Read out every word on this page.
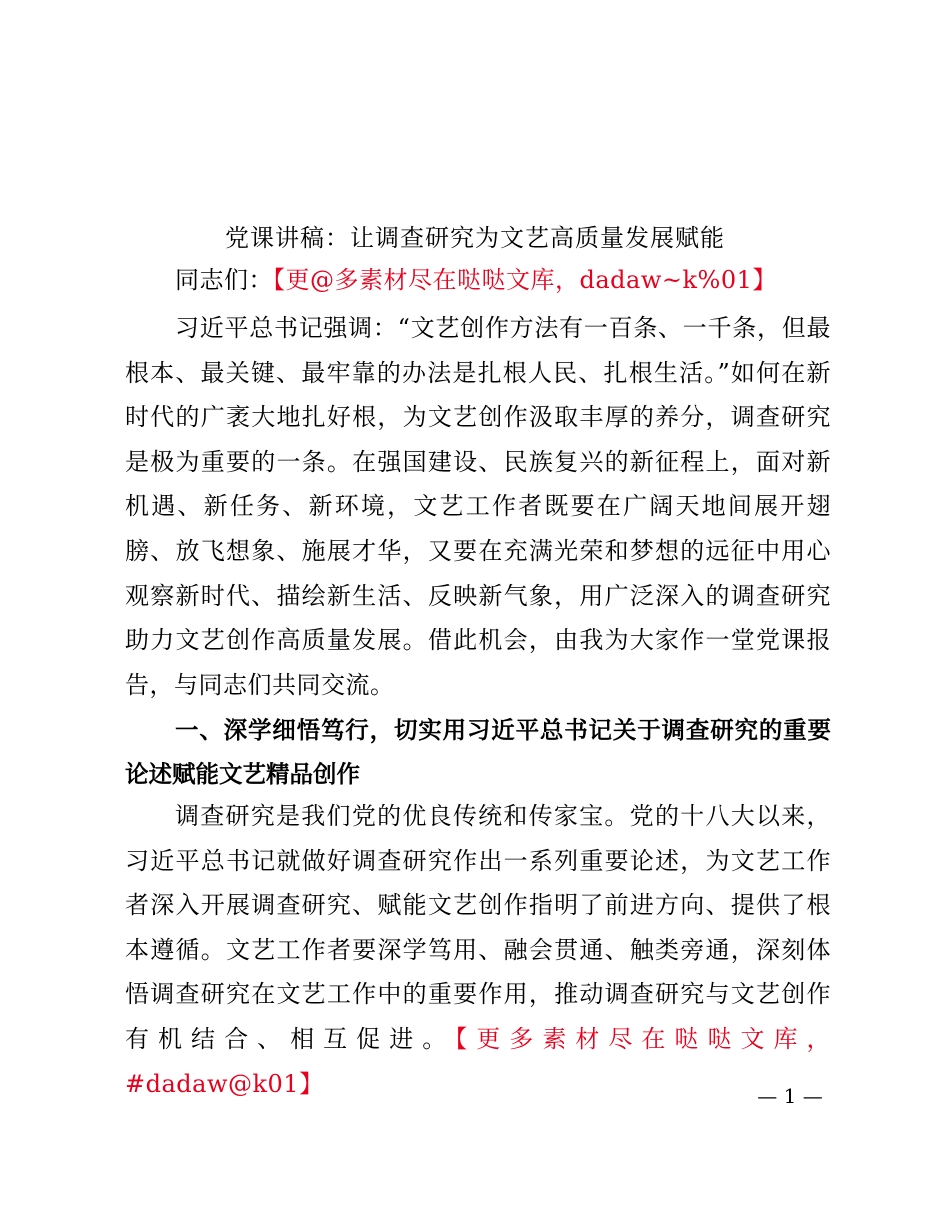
党课讲稿：让调查研究为文艺高质量发展赋能
同志们：【更@多素材尽在哒哒文库，dadaw~k%01】
习近平总书记强调：“文艺创作方法有一百条、一千条，但最根本、最关键、最牢靠的办法是扎根人民、扎根生活。”如何在新时代的广袤大地扎好根，为文艺创作汲取丰厚的养分，调查研究是极为重要的一条。在强国建设、民族复兴的新征程上，面对新机遇、新任务、新环境，文艺工作者既要在广阔天地间展开翅膀、放飞想象、施展才华，又要在充满光荣和梦想的远征中用心观察新时代、描绘新生活、反映新气象，用广泛深入的调查研究助力文艺创作高质量发展。借此机会，由我为大家作一堂党课报告，与同志们共同交流。
一、深学细悟笃行，切实用习近平总书记关于调查研究的重要论述赋能文艺精品创作
调查研究是我们党的优良传统和传家宝。党的十八大以来，习近平总书记就做好调查研究作出一系列重要论述，为文艺工作者深入开展调查研究、赋能文艺创作指明了前进方向、提供了根本遵循。文艺工作者要深学笃用、融会贯通、触类旁通，深刻体悟调查研究在文艺工作中的重要作用，推动调查研究与文艺创作有机结合、相互促进。【更多素材尽在哒哒文库，#dadaw@k01】	— 1 —
